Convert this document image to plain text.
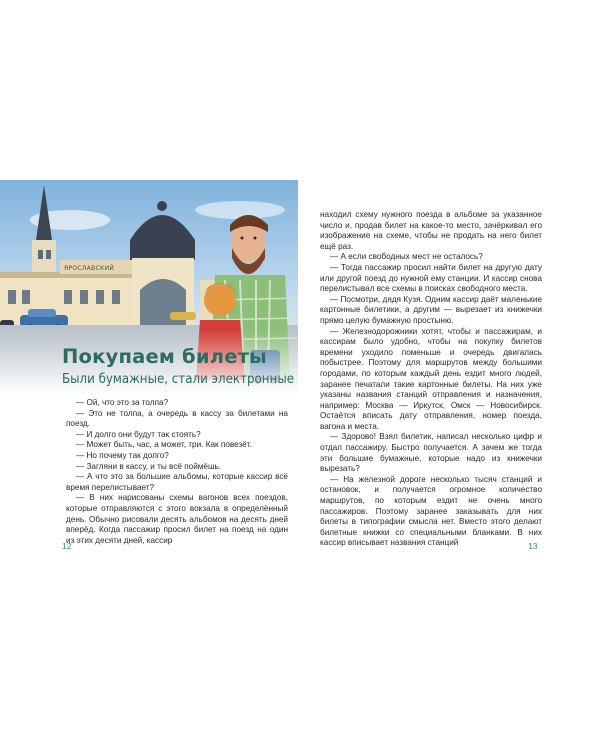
ЯРОСЛАВСКИЙ
Покупаем билеты
Были бумажные, стали электронные

— Ой, что это за толпа?

— Это не толпа, а очередь в кассу за билетами на поезд.

— И долго они будут так стоять?

— Может быть, час, а может, три. Как повезёт.

— Но почему так долго?

— Загляни в кассу, и ты всё поймёшь.

— А что это за большие альбомы, которые кассир всё время перелистывает?

— В них нарисованы схемы вагонов всех поездов, которые отправляются с этого вокзала в определённый день. Обычно рисовали десять альбомов на десять дней вперёд. Когда пассажир просил билет на поезд на один из этих десяти дней, кассир

12

находил схему нужного поезда в альбоме за указанное число и, продав билет на какое-то место, зачёркивал его изображение на схеме, чтобы не продать на него билет ещё раз.

— А если свободных мест не осталось?

— Тогда пассажир просил найти билет на другую дату или другой поезд до нужной ему станции. И кассир снова перелистывал все схемы в поисках свободного места.

— Посмотри, дядя Кузя. Одним кассир даёт маленькие картонные билетики, а другим — вырезает из книжечки прямо целую бумажную простыню.

— Железнодорожники хотят, чтобы и пассажирам, и кассирам было удобно, чтобы на покупку билетов времени уходило поменьше и очередь двигалась побыстрее. Поэтому для маршрутов между большими городами, по которым каждый день ездит много людей, заранее печатали такие картонные билеты. На них уже указаны названия станций отправления и назначения, например: Москва — Иркутск, Омск — Новосибирск. Остаётся вписать дату отправления, номер поезда, вагона и места.

— Здорово! Взял билетик, написал несколько цифр и отдал пассажиру. Быстро получается. А зачем же тогда эти большие бумажные, которые надо из книжечки вырезать?

— На железной дороге несколько тысяч станций и остановок, и получается огромное количество маршрутов, по которым ездит не очень много пассажиров. Поэтому заранее заказывать для них билеты в типографии смысла нет. Вместо этого делают билетные книжки со специальными бланками. В них кассир вписывает названия станций	13
